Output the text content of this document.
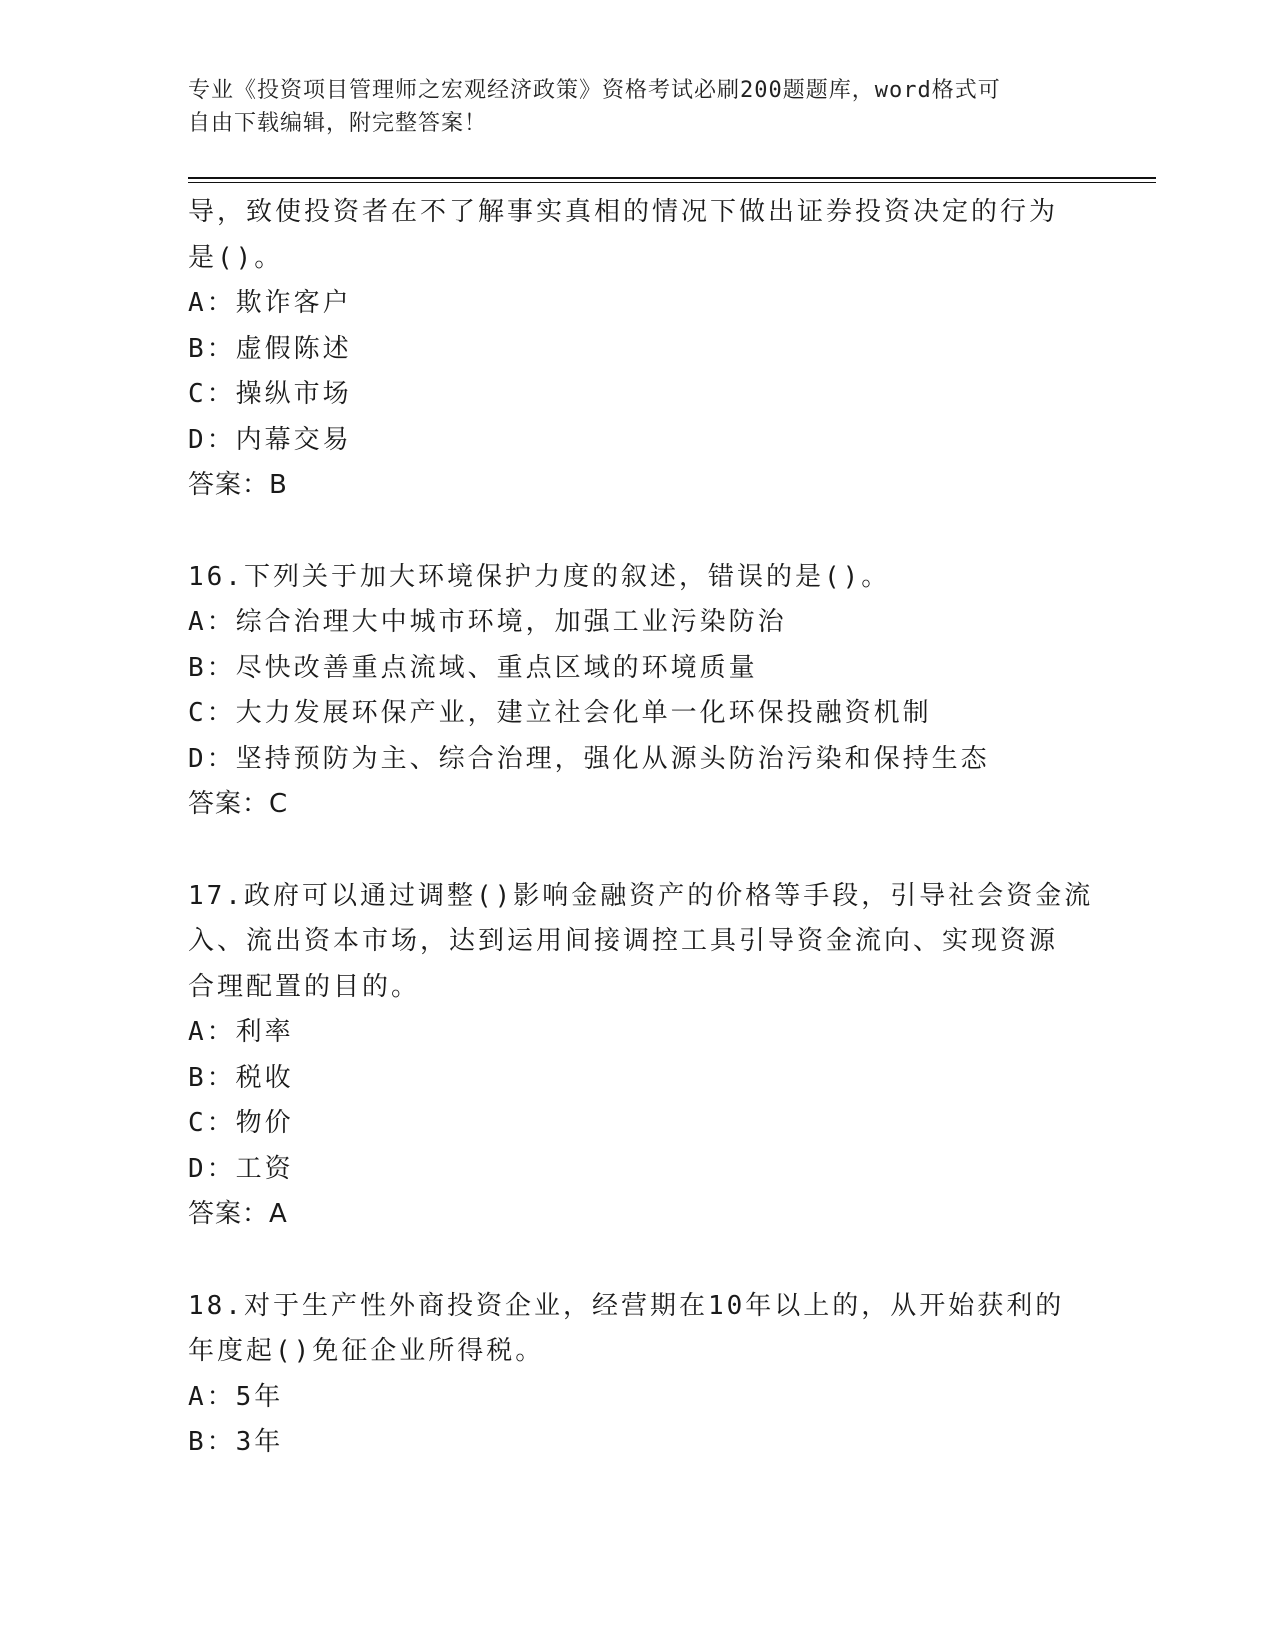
专业《投资项目管理师之宏观经济政策》资格考试必刷200题题库，word格式可
自由下载编辑，附完整答案！
导，致使投资者在不了解事实真相的情况下做出证券投资决定的行为
是()。
A：欺诈客户
B：虚假陈述
C：操纵市场
D：内幕交易
答案：B
16.下列关于加大环境保护力度的叙述，错误的是()。
A：综合治理大中城市环境，加强工业污染防治
B：尽快改善重点流域、重点区域的环境质量
C：大力发展环保产业，建立社会化单一化环保投融资机制
D：坚持预防为主、综合治理，强化从源头防治污染和保持生态
答案：C
17.政府可以通过调整()影响金融资产的价格等手段，引导社会资金流
入、流出资本市场，达到运用间接调控工具引导资金流向、实现资源
合理配置的目的。
A：利率
B：税收
C：物价
D：工资
答案：A
18.对于生产性外商投资企业，经营期在10年以上的，从开始获利的
年度起()免征企业所得税。
A：5年
B：3年
